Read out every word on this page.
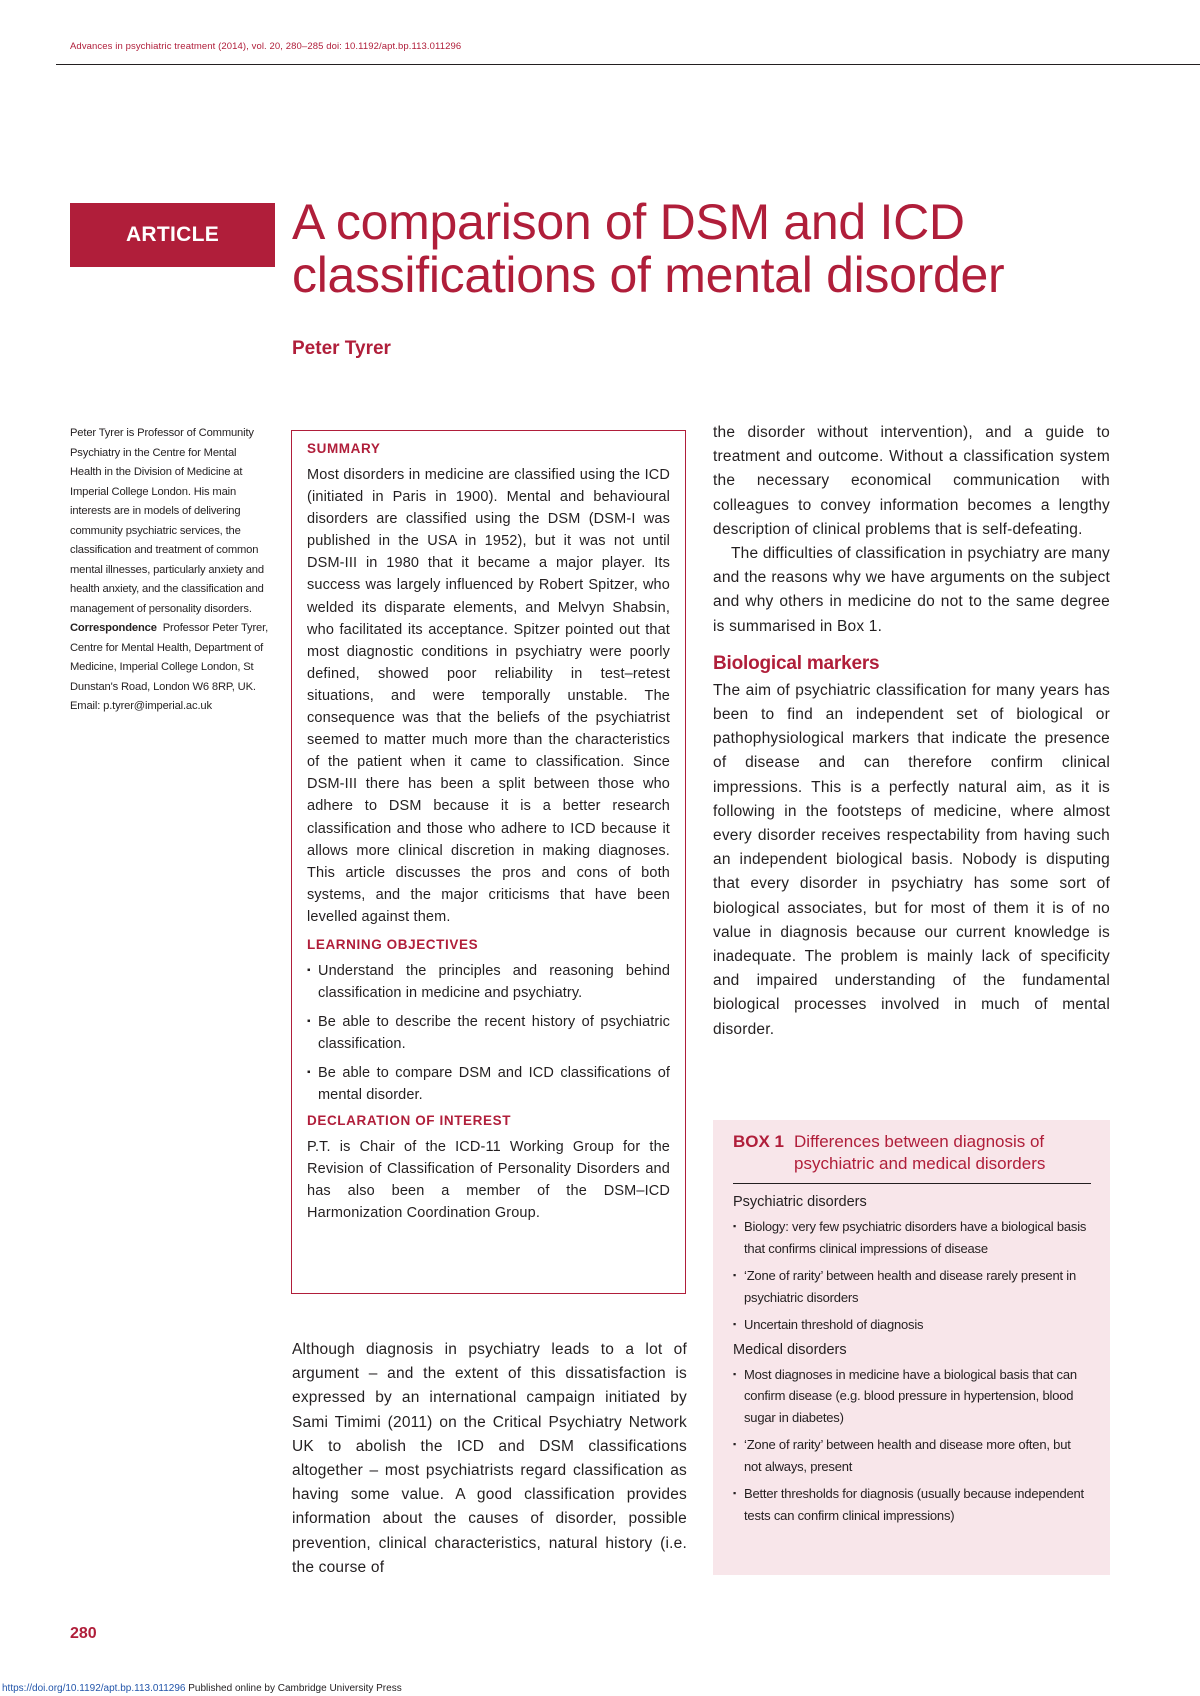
Advances in psychiatric treatment (2014), vol. 20, 280–285 doi: 10.1192/apt.bp.113.011296
ARTICLE	A comparison of DSM and ICD classifications of mental disorder
Peter Tyrer

Peter Tyrer is Professor of Community Psychiatry in the Centre for Mental Health in the Division of Medicine at Imperial College London. His main interests are in models of delivering community psychiatric services, the classification and treatment of common mental illnesses, particularly anxiety and health anxiety, and the classification and management of personality disorders.

Correspondence Professor Peter Tyrer, Centre for Mental Health, Department of Medicine, Imperial College London, St Dunstan's Road, London W6 8RP, UK. Email: p.tyrer@imperial.ac.uk

SUMMARY

Most disorders in medicine are classified using the ICD (initiated in Paris in 1900). Mental and behavioural disorders are classified using the DSM (DSM-I was published in the USA in 1952), but it was not until DSM-III in 1980 that it became a major player. Its success was largely influenced by Robert Spitzer, who welded its disparate elements, and Melvyn Shabsin, who facilitated its acceptance. Spitzer pointed out that most diagnostic conditions in psychiatry were poorly defined, showed poor reliability in test–retest situations, and were temporally unstable. The consequence was that the beliefs of the psychiatrist seemed to matter much more than the characteristics of the patient when it came to classification. Since DSM-III there has been a split between those who adhere to DSM because it is a better research classification and those who adhere to ICD because it allows more clinical discretion in making diagnoses. This article discusses the pros and cons of both systems, and the major criticisms that have been levelled against them.

LEARNING OBJECTIVES
▪ Understand the principles and reasoning behind classification in medicine and psychiatry.
▪ Be able to describe the recent history of psychiatric classification.
▪ Be able to compare DSM and ICD classifications of mental disorder.
DECLARATION OF INTEREST

P.T. is Chair of the ICD-11 Working Group for the Revision of Classification of Personality Disorders and has also been a member of the DSM–ICD Harmonization Coordination Group.

Although diagnosis in psychiatry leads to a lot of argument – and the extent of this dissatisfaction is expressed by an international campaign initiated by Sami Timimi (2011) on the Critical Psychiatry Network UK to abolish the ICD and DSM classifications altogether – most psychiatrists regard classification as having some value. A good classification provides information about the causes of disorder, possible prevention, clinical characteristics, natural history (i.e. the course of

the disorder without intervention), and a guide to treatment and outcome. Without a classification system the necessary economical communication with colleagues to convey information becomes a lengthy description of clinical problems that is self-defeating.

The difficulties of classification in psychiatry are many and the reasons why we have arguments on the subject and why others in medicine do not to the same degree is summarised in Box 1.

Biological markers

The aim of psychiatric classification for many years has been to find an independent set of biological or pathophysiological markers that indicate the presence of disease and can therefore confirm clinical impressions. This is a perfectly natural aim, as it is following in the footsteps of medicine, where almost every disorder receives respectability from having such an independent biological basis. Nobody is disputing that every disorder in psychiatry has some sort of biological associates, but for most of them it is of no value in diagnosis because our current knowledge is inadequate. The problem is mainly lack of specificity and impaired understanding of the fundamental biological processes involved in much of mental disorder.

BOX 1 Differences between diagnosis of psychiatric and medical disorders
Psychiatric disorders
▪ Biology: very few psychiatric disorders have a biological basis that confirms clinical impressions of disease
▪ ‘Zone of rarity’ between health and disease rarely present in psychiatric disorders
▪ Uncertain threshold of diagnosis
Medical disorders
▪ Most diagnoses in medicine have a biological basis that can confirm disease (e.g. blood pressure in hypertension, blood sugar in diabetes)
▪ ‘Zone of rarity’ between health and disease more often, but not always, present
▪ Better thresholds for diagnosis (usually because independent tests can confirm clinical impressions)
280
https://doi.org/10.1192/apt.bp.113.011296 Published online by Cambridge University Press
